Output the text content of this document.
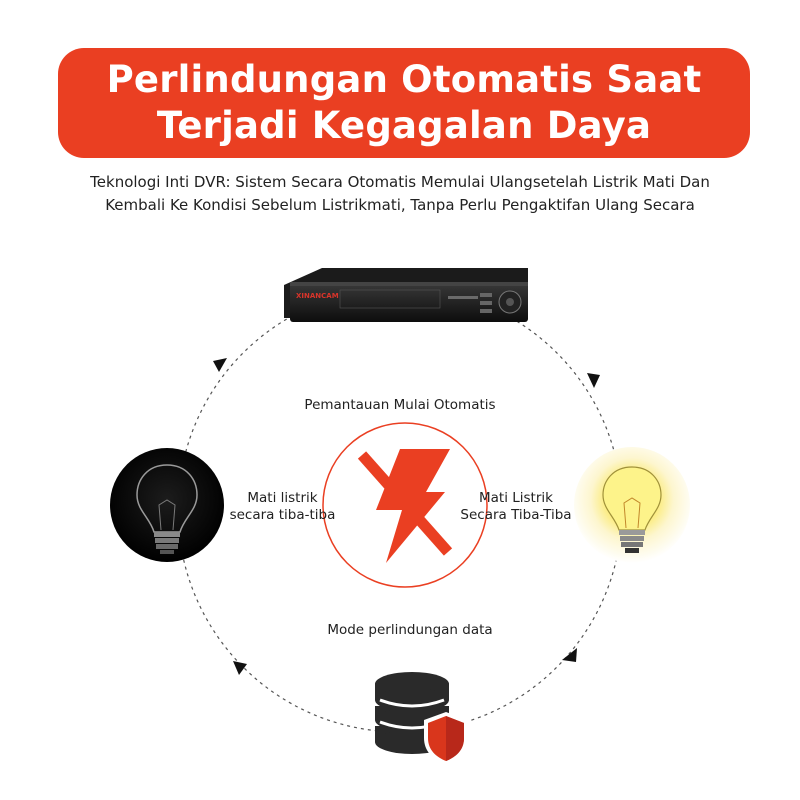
Perlindungan Otomatis Saat
Terjadi Kegagalan Daya
Teknologi Inti DVR: Sistem Secara Otomatis Memulai Ulangsetelah Listrik Mati Dan
Kembali Ke Kondisi Sebelum Listrikmati, Tanpa Perlu Pengaktifan Ulang Secara
XINANCAM
Pemantauan Mulai Otomatis
Mode perlindungan data
Mati listrik
secara tiba-tiba
Mati Listrik
Secara Tiba-Tiba
